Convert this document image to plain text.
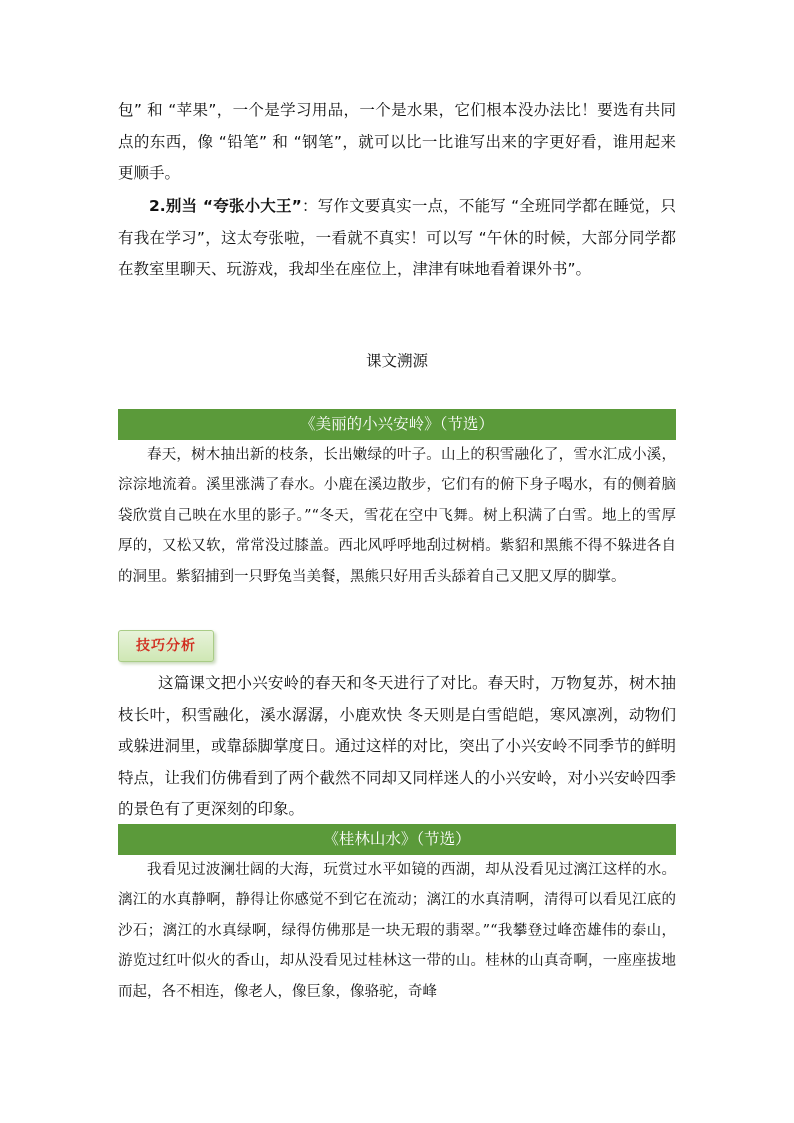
包” 和 “苹果”，一个是学习用品，一个是水果，它们根本没办法比！要选有共同点的东西，像 “铅笔” 和 “钢笔”，就可以比一比谁写出来的字更好看，谁用起来更顺手。

2.别当 “夸张小大王”：写作文要真实一点，不能写 “全班同学都在睡觉，只有我在学习”，这太夸张啦，一看就不真实！可以写 “午休的时候，大部分同学都在教室里聊天、玩游戏，我却坐在座位上，津津有味地看着课外书”。

课文溯源
《美丽的小兴安岭》（节选）

春天，树木抽出新的枝条，长出嫩绿的叶子。山上的积雪融化了，雪水汇成小溪，淙淙地流着。溪里涨满了春水。小鹿在溪边散步，它们有的俯下身子喝水，有的侧着脑袋欣赏自己映在水里的影子。”“冬天，雪花在空中飞舞。树上积满了白雪。地上的雪厚厚的，又松又软，常常没过膝盖。西北风呼呼地刮过树梢。紫貂和黑熊不得不躲进各自的洞里。紫貂捕到一只野兔当美餐，黑熊只好用舌头舔着自己又肥又厚的脚掌。

技巧分析

这篇课文把小兴安岭的春天和冬天进行了对比。春天时，万物复苏，树木抽枝长叶，积雪融化，溪水潺潺，小鹿欢快 冬天则是白雪皑皑，寒风凛冽，动物们或躲进洞里，或靠舔脚掌度日。通过这样的对比，突出了小兴安岭不同季节的鲜明特点，让我们仿佛看到了两个截然不同却又同样迷人的小兴安岭，对小兴安岭四季的景色有了更深刻的印象。

《桂林山水》（节选）

我看见过波澜壮阔的大海，玩赏过水平如镜的西湖，却从没看见过漓江这样的水。漓江的水真静啊，静得让你感觉不到它在流动；漓江的水真清啊，清得可以看见江底的沙石；漓江的水真绿啊，绿得仿佛那是一块无瑕的翡翠。”“我攀登过峰峦雄伟的泰山，游览过红叶似火的香山，却从没看见过桂林这一带的山。桂林的山真奇啊，一座座拔地而起，各不相连，像老人，像巨象，像骆驼，奇峰
